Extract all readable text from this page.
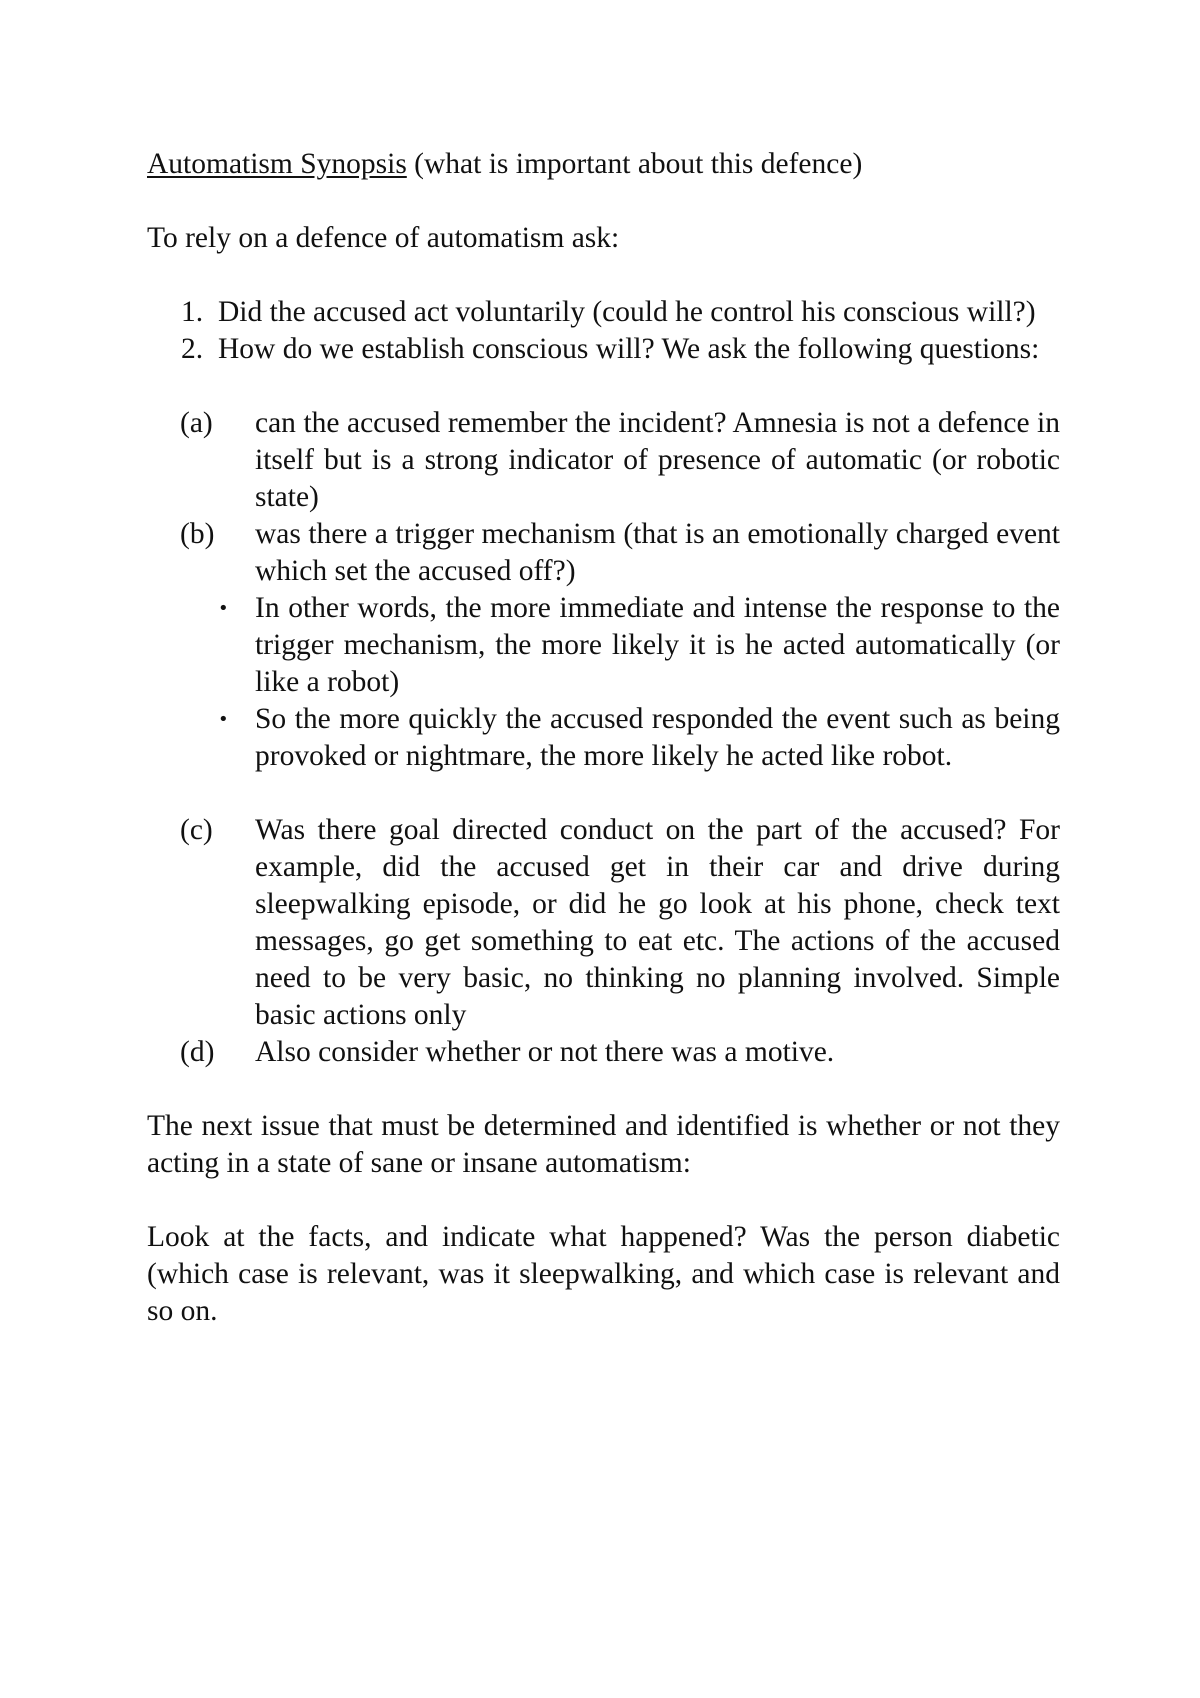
Automatism Synopsis (what is important about this defence)

To rely on a defence of automatism ask:

1. Did the accused act voluntarily (could he control his conscious will?)
2. How do we establish conscious will? We ask the following questions:
(a) can the accused remember the incident? Amnesia is not a defence in itself but is a strong indicator of presence of automatic (or robotic state)
(b) was there a trigger mechanism (that is an emotionally charged event which set the accused off?)
• In other words, the more immediate and intense the response to the trigger mechanism, the more likely it is he acted automatically (or like a robot)
• So the more quickly the accused responded the event such as being provoked or nightmare, the more likely he acted like robot.
(c) Was there goal directed conduct on the part of the accused? For example, did the accused get in their car and drive during sleepwalking episode, or did he go look at his phone, check text messages, go get something to eat etc. The actions of the accused need to be very basic, no thinking no planning involved. Simple basic actions only
(d) Also consider whether or not there was a motive.

The next issue that must be determined and identified is whether or not they acting in a state of sane or insane automatism:

Look at the facts, and indicate what happened? Was the person diabetic (which case is relevant, was it sleepwalking, and which case is relevant and so on.
